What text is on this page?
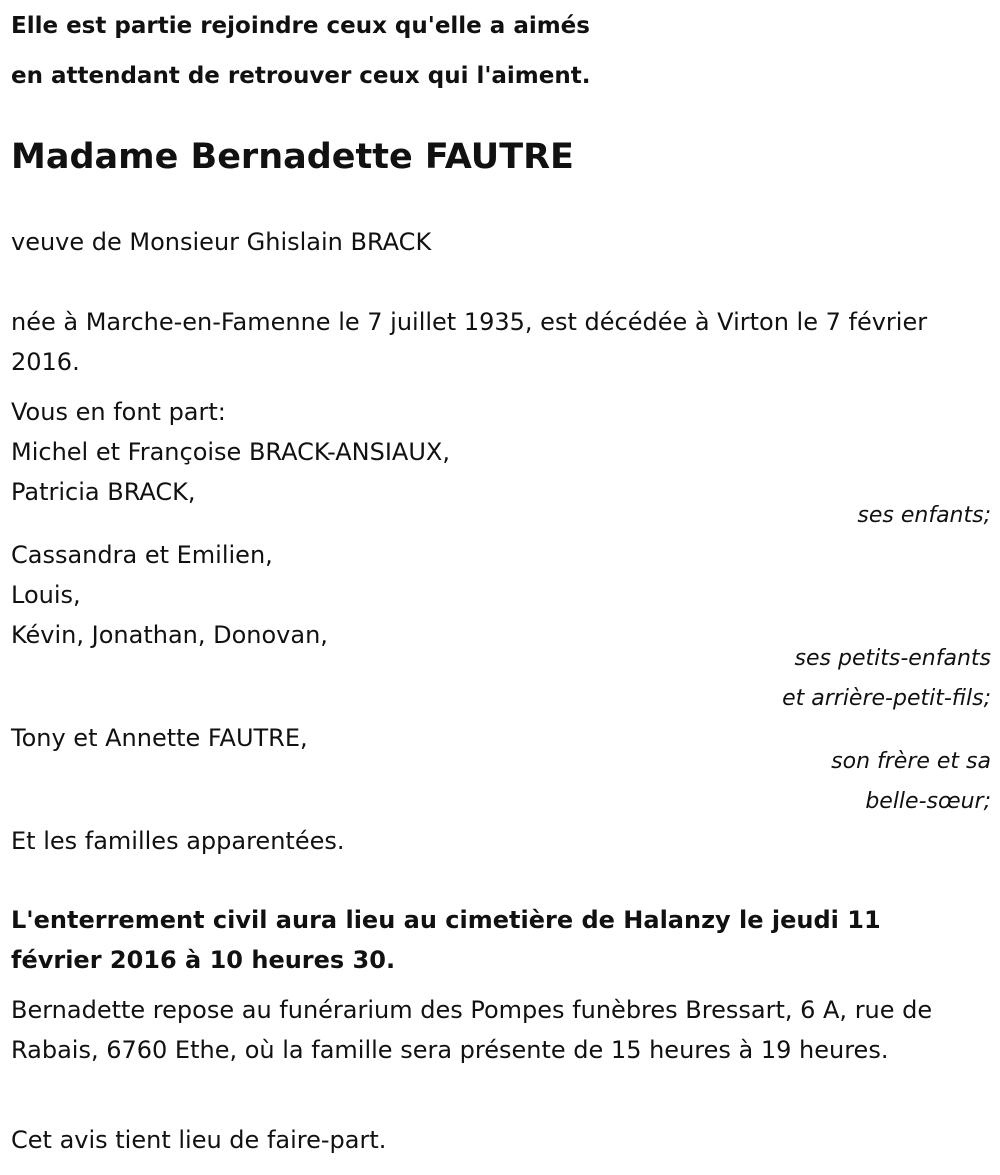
Elle est partie rejoindre ceux qu'elle a aimés
en attendant de retrouver ceux qui l'aiment.
Madame Bernadette FAUTRE
veuve de Monsieur Ghislain BRACK
née à Marche-en-Famenne le 7 juillet 1935, est décédée à Virton le 7 février 2016.
Vous en font part:
Michel et Françoise BRACK-ANSIAUX,
Patricia BRACK,
ses enfants;
Cassandra et Emilien,
Louis,
Kévin, Jonathan, Donovan,
ses petits-enfants
et arrière-petit-fils;
Tony et Annette FAUTRE,
son frère et sa
belle-sœur;
Et les familles apparentées.
L'enterrement civil aura lieu au cimetière de Halanzy le jeudi 11 février 2016 à 10 heures 30.
Bernadette repose au funérarium des Pompes funèbres Bressart, 6 A, rue de Rabais, 6760 Ethe, où la famille sera présente de 15 heures à 19 heures.
Cet avis tient lieu de faire-part.
